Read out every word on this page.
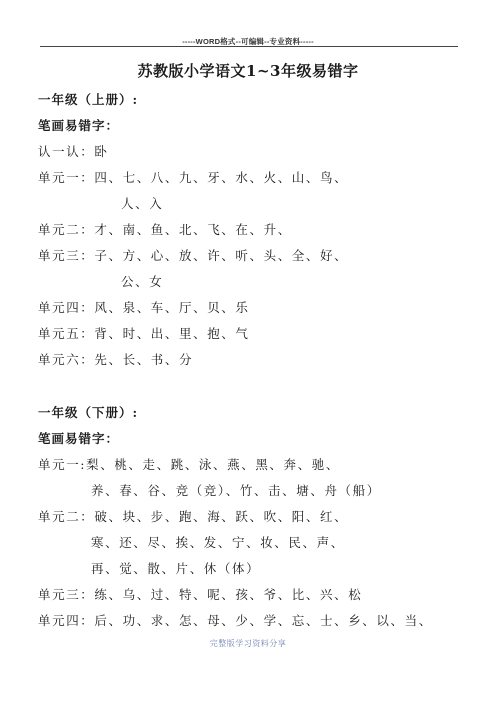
-----WORD格式--可编辑--专业资料-----
苏教版小学语文1~3年级易错字
一年级（上册）:
笔画易错字：
认一认：卧
单元一：四、七、八、九、牙、水、火、山、鸟、
人、入
单元二：才、南、鱼、北、飞、在、升、
单元三：子、方、心、放、许、听、头、全、好、
公、女
单元四：风、泉、车、厅、贝、乐
单元五：背、时、出、里、抱、气
单元六：先、长、书、分
一年级（下册）:
笔画易错字：
单元一:梨、桃、走、跳、泳、燕、黑、奔、驰、
养、春、谷、竞（竞）、竹、击、塘、舟（船）
单元二：破、块、步、跑、海、跃、吹、阳、红、
寒、还、尽、挨、发、宁、妆、民、声、
再、觉、散、片、休（体）
单元三：练、乌、过、特、呢、孩、爷、比、兴、松
单元四：后、功、求、怎、母、少、学、忘、士、乡、以、当、
完整版学习资料分享
